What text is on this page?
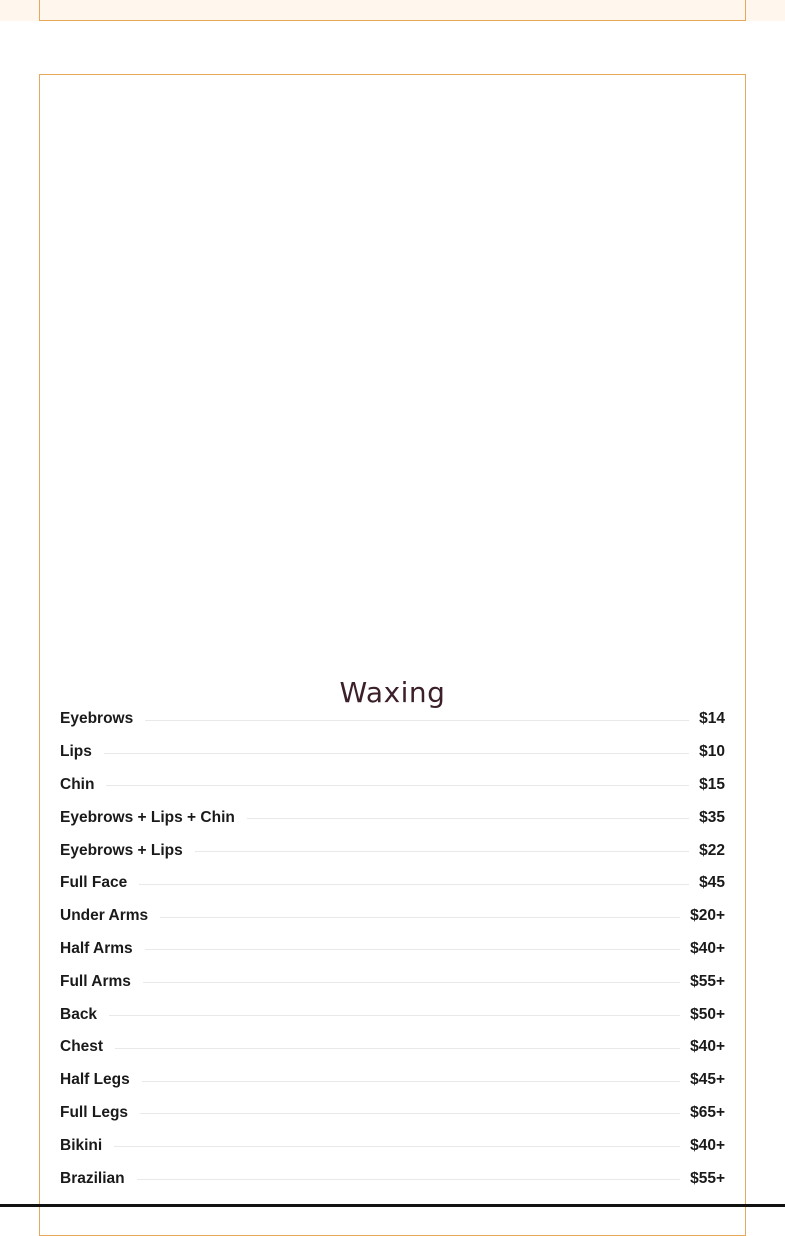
Waxing
Eyebrows	$14
Lips	$10
Chin	$15
Eyebrows + Lips + Chin	$35
Eyebrows + Lips	$22
Full Face	$45
Under Arms	$20+
Half Arms	$40+
Full Arms	$55+
Back	$50+
Chest	$40+
Half Legs	$45+
Full Legs	$65+
Bikini	$40+
Brazilian	$55+
